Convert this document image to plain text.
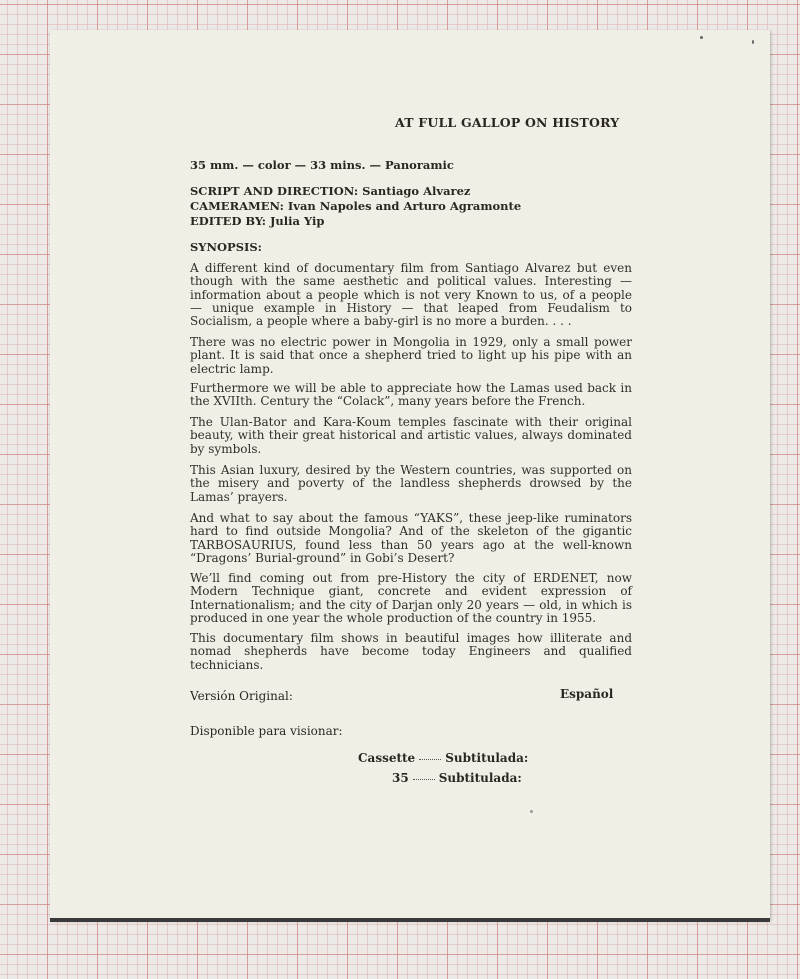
AT FULL GALLOP ON HISTORY
35 mm. — color — 33 mins. — Panoramic
SCRIPT AND DIRECTION: Santiago Alvarez
CAMERAMEN: Ivan Napoles and Arturo Agramonte
EDITED BY: Julia Yip
SYNOPSIS:
A different kind of documentary film from Santiago Alvarez but even though with the same aesthetic and political values. Interesting — information about a people which is not very Known to us, of a people — unique example in History — that leaped from Feudalism to Socialism, a people where a baby-girl is no more a burden. . . .
There was no electric power in Mongolia in 1929, only a small power plant. It is said that once a shepherd tried to light up his pipe with an electric lamp.
Furthermore we will be able to appreciate how the Lamas used back in the XVIIth. Century the “Colack”, many years before the French.
The Ulan-Bator and Kara-Koum temples fascinate with their original beauty, with their great historical and artistic values, always dominated by symbols.
This Asian luxury, desired by the Western countries, was supported on the misery and poverty of the landless shepherds drowsed by the Lamas’ prayers.
And what to say about the famous “YAKS”, these jeep-like ruminators hard to find outside Mongolia? And of the skeleton of the gigantic TARBOSAURIUS, found less than 50 years ago at the well-known “Dragons’ Burial-ground” in Gobi’s Desert?
We’ll find coming out from pre-History the city of ERDENET, now Modern Technique giant, concrete and evident expression of Internationalism; and the city of Darjan only 20 years — old, in which is produced in one year the whole production of the country in 1955.
This documentary film shows in beautiful images how illiterate and nomad shepherds have become today Engineers and qualified technicians.
Versión Original:	Español
Disponible para visionar:
Cassette	Subtitulada:
35	Subtitulada:
